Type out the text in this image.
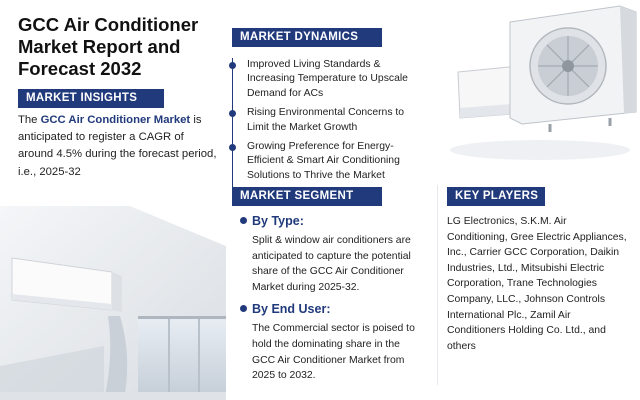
GCC Air Conditioner Market Report and Forecast 2032
MARKET INSIGHTS
The GCC Air Conditioner Market is anticipated to register a CAGR of around 4.5% during the forecast period, i.e., 2025-32
MARKET DYNAMICS
Improved Living Standards & Increasing Temperature to Upscale Demand for ACs
Rising Environmental Concerns to Limit the Market Growth
Growing Preference for Energy-Efficient & Smart Air Conditioning Solutions to Thrive the Market
MARKET SEGMENT
By Type:
Split & window air conditioners are anticipated to capture the potential share of the GCC Air Conditioner Market during 2025-32.
By End User:
The Commercial sector is poised to hold the dominating share in the GCC Air Conditioner Market from 2025 to 2032.
KEY PLAYERS
LG Electronics, S.K.M. Air Conditioning, Gree Electric Appliances, Inc., Carrier GCC Corporation, Daikin Industries, Ltd., Mitsubishi Electric Corporation, Trane Technologies Company, LLC., Johnson Controls International Plc., Zamil Air Conditioners Holding Co. Ltd., and others
